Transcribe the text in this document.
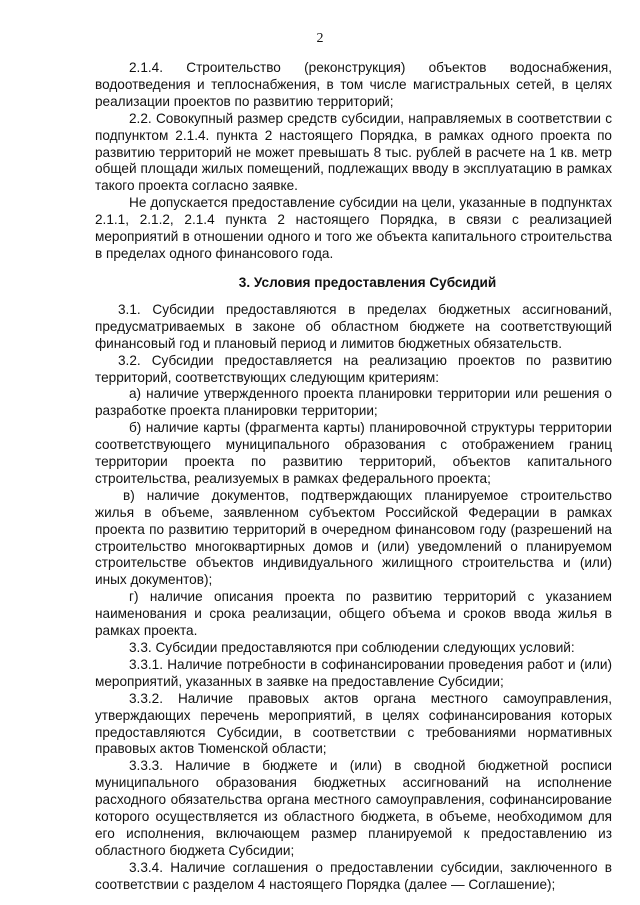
2

2.1.4. Строительство (реконструкция) объектов водоснабжения, водоотведения и теплоснабжения, в том числе магистральных сетей, в целях реализации проектов по развитию территорий;

2.2. Совокупный размер средств субсидии, направляемых в соответствии с подпунктом 2.1.4. пункта 2 настоящего Порядка, в рамках одного проекта по развитию территорий не может превышать 8 тыс. рублей в расчете на 1 кв. метр общей площади жилых помещений, подлежащих вводу в эксплуатацию в рамках такого проекта согласно заявке.

Не допускается предоставление субсидии на цели, указанные в подпунктах 2.1.1, 2.1.2, 2.1.4 пункта 2 настоящего Порядка, в связи с реализацией мероприятий в отношении одного и того же объекта капитального строительства в пределах одного финансового года.

3. Условия предоставления Субсидий

3.1. Субсидии предоставляются в пределах бюджетных ассигнований, предусматриваемых в законе об областном бюджете на соответствующий финансовый год и плановый период и лимитов бюджетных обязательств.

3.2. Субсидии предоставляется на реализацию проектов по развитию территорий, соответствующих следующим критериям:

а) наличие утвержденного проекта планировки территории или решения о разработке проекта планировки территории;

б) наличие карты (фрагмента карты) планировочной структуры территории соответствующего муниципального образования с отображением границ территории проекта по развитию территорий, объектов капитального строительства, реализуемых в рамках федерального проекта;

в) наличие документов, подтверждающих планируемое строительство жилья в объеме, заявленном субъектом Российской Федерации в рамках проекта по развитию территорий в очередном финансовом году (разрешений на строительство многоквартирных домов и (или) уведомлений о планируемом строительстве объектов индивидуального жилищного строительства и (или) иных документов);

г) наличие описания проекта по развитию территорий с указанием наименования и срока реализации, общего объема и сроков ввода жилья в рамках проекта.

3.3. Субсидии предоставляются при соблюдении следующих условий:

3.3.1. Наличие потребности в софинансировании проведения работ и (или) мероприятий, указанных в заявке на предоставление Субсидии;

3.3.2. Наличие правовых актов органа местного самоуправления, утверждающих перечень мероприятий, в целях софинансирования которых предоставляются Субсидии, в соответствии с требованиями нормативных правовых актов Тюменской области;

3.3.3. Наличие в бюджете и (или) в сводной бюджетной росписи муниципального образования бюджетных ассигнований на исполнение расходного обязательства органа местного самоуправления, софинансирование которого осуществляется из областного бюджета, в объеме, необходимом для его исполнения, включающем размер планируемой к предоставлению из областного бюджета Субсидии;

3.3.4. Наличие соглашения о предоставлении субсидии, заключенного в соответствии с разделом 4 настоящего Порядка (далее — Соглашение);
